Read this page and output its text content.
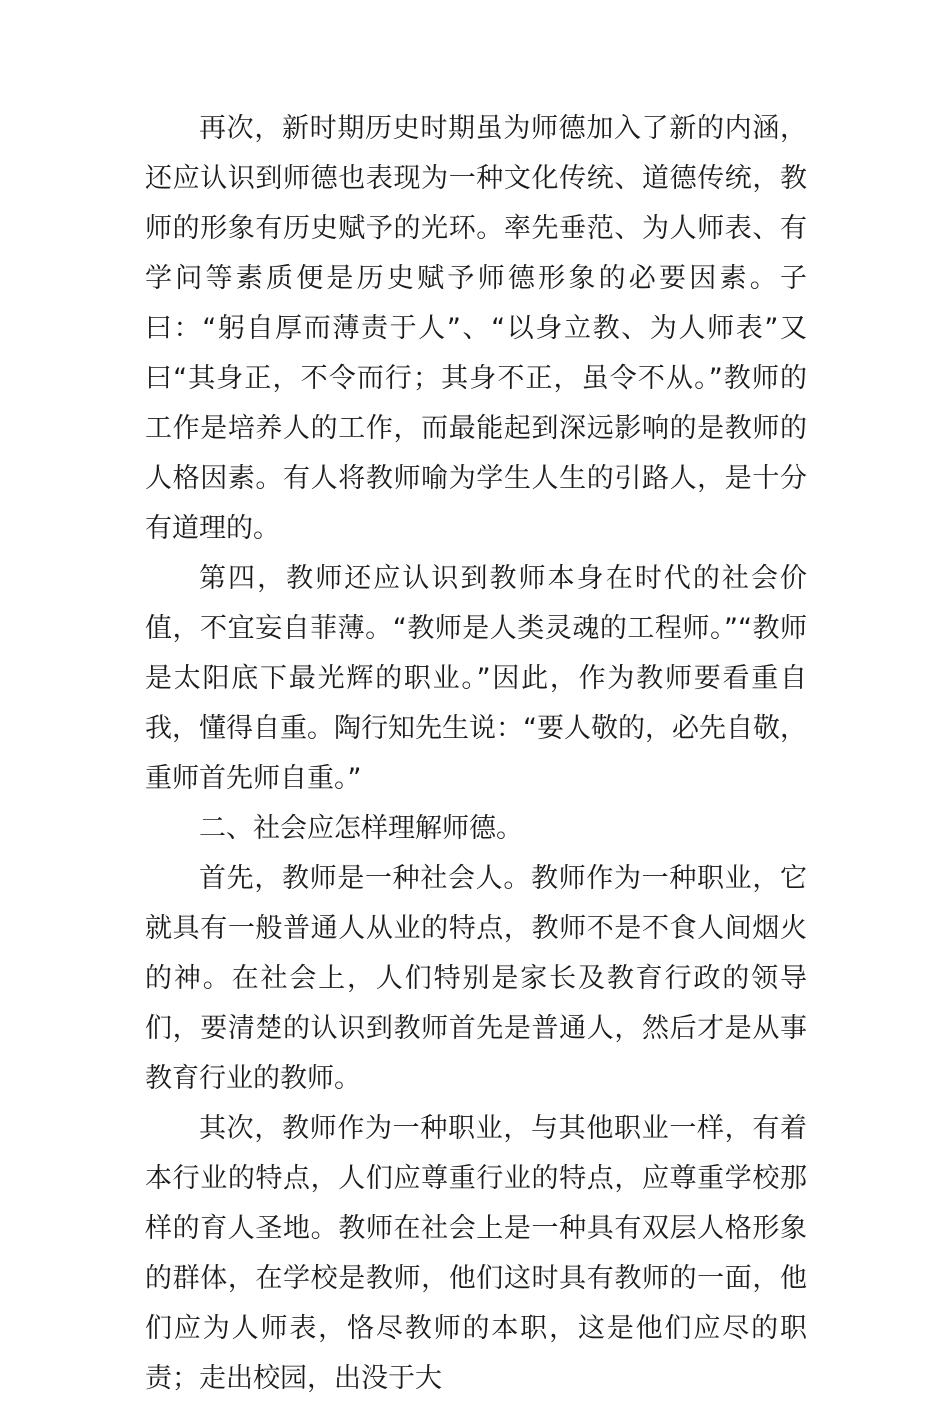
再次，新时期历史时期虽为师德加入了新的内涵，还应认识到师德也表现为一种文化传统、道德传统，教师的形象有历史赋予的光环。率先垂范、为人师表、有学问等素质便是历史赋予师德形象的必要因素。子曰：“躬自厚而薄责于人”、“以身立教、为人师表”又曰“其身正，不令而行；其身不正，虽令不从。”教师的工作是培养人的工作，而最能起到深远影响的是教师的人格因素。有人将教师喻为学生人生的引路人，是十分有道理的。

第四，教师还应认识到教师本身在时代的社会价值，不宜妄自菲薄。“教师是人类灵魂的工程师。”“教师是太阳底下最光辉的职业。”因此，作为教师要看重自我，懂得自重。陶行知先生说：“要人敬的，必先自敬，重师首先师自重。”

二、社会应怎样理解师德。

首先，教师是一种社会人。教师作为一种职业，它就具有一般普通人从业的特点，教师不是不食人间烟火的神。在社会上，人们特别是家长及教育行政的领导们，要清楚的认识到教师首先是普通人，然后才是从事教育行业的教师。

其次，教师作为一种职业，与其他职业一样，有着本行业的特点，人们应尊重行业的特点，应尊重学校那样的育人圣地。教师在社会上是一种具有双层人格形象的群体，在学校是教师，他们这时具有教师的一面，他们应为人师表，恪尽教师的本职，这是他们应尽的职责；走出校园，出没于大
